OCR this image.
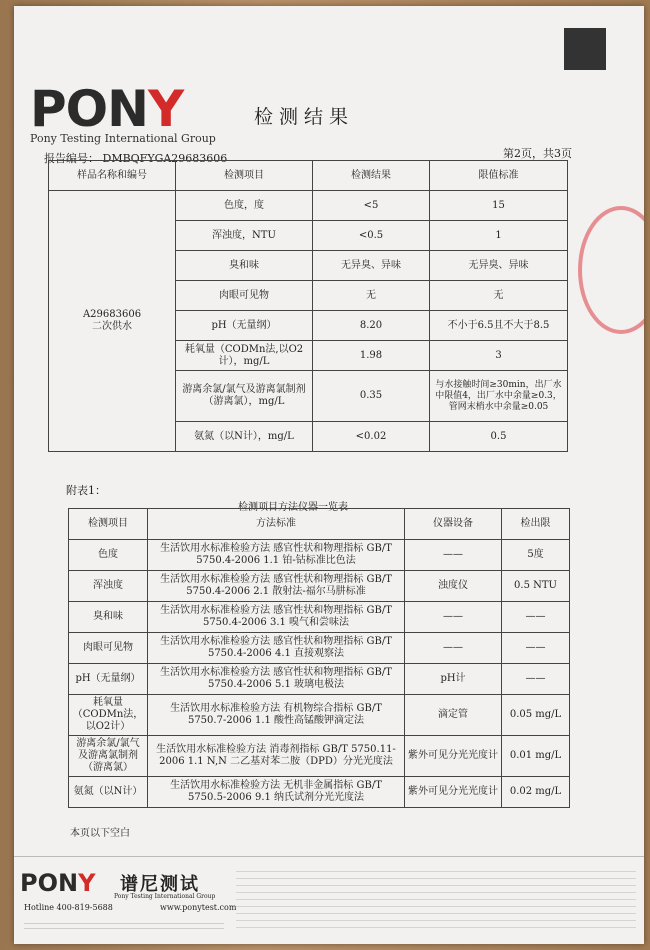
PONY
Pony Testing International Group
检测结果
报告编号： DMBQFYGA29683606	第2页，共3页
样品名称和编号	检测项目	检测结果	限值标准

A29683606
二次供水	色度，度	<5	15
	浑浊度，NTU	<0.5	1
	臭和味	无异臭、异味	无异臭、异味
	肉眼可见物	无	无
	pH（无量纲）	8.20	不小于6.5且不大于8.5
	耗氧量（CODMn法,以O2计），mg/L	1.98	3
	游离余氯/氯气及游离氯制剂（游离氯），mg/L	0.35	与水接触时间≥30min，出厂水中限值4，出厂水中余量≥0.3，管网末梢水中余量≥0.05
	氨氮（以N计），mg/L	<0.02	0.5
附表1：
检测项目方法仪器一览表
检测项目	方法标准	仪器设备	检出限
色度	生活饮用水标准检验方法 感官性状和物理指标 GB/T 5750.4-2006 1.1 铂-钴标准比色法	——	5度
浑浊度	生活饮用水标准检验方法 感官性状和物理指标 GB/T 5750.4-2006 2.1 散射法-福尔马肼标准	浊度仪	0.5 NTU
臭和味	生活饮用水标准检验方法 感官性状和物理指标 GB/T 5750.4-2006 3.1 嗅气和尝味法	——	——
肉眼可见物	生活饮用水标准检验方法 感官性状和物理指标 GB/T 5750.4-2006 4.1 直接观察法	——	——
pH（无量纲）	生活饮用水标准检验方法 感官性状和物理指标 GB/T 5750.4-2006 5.1 玻璃电极法	pH计	——
耗氧量（CODMn法，以O2计）	生活饮用水标准检验方法 有机物综合指标 GB/T 5750.7-2006 1.1 酸性高锰酸钾滴定法	滴定管	0.05 mg/L
游离余氯/氯气及游离氯制剂（游离氯）	生活饮用水标准检验方法 消毒剂指标 GB/T 5750.11-2006 1.1 N,N 二乙基对苯二胺（DPD）分光光度法	紫外可见分光光度计	0.01 mg/L
氨氮（以N计）	生活饮用水标准检验方法 无机非金属指标 GB/T 5750.5-2006 9.1 纳氏试剂分光光度法	紫外可见分光光度计	0.02 mg/L
本页以下空白
PONY 谱尼测试
Pony Testing International Group
Hotline 400-819-5688	www.ponytest.com
